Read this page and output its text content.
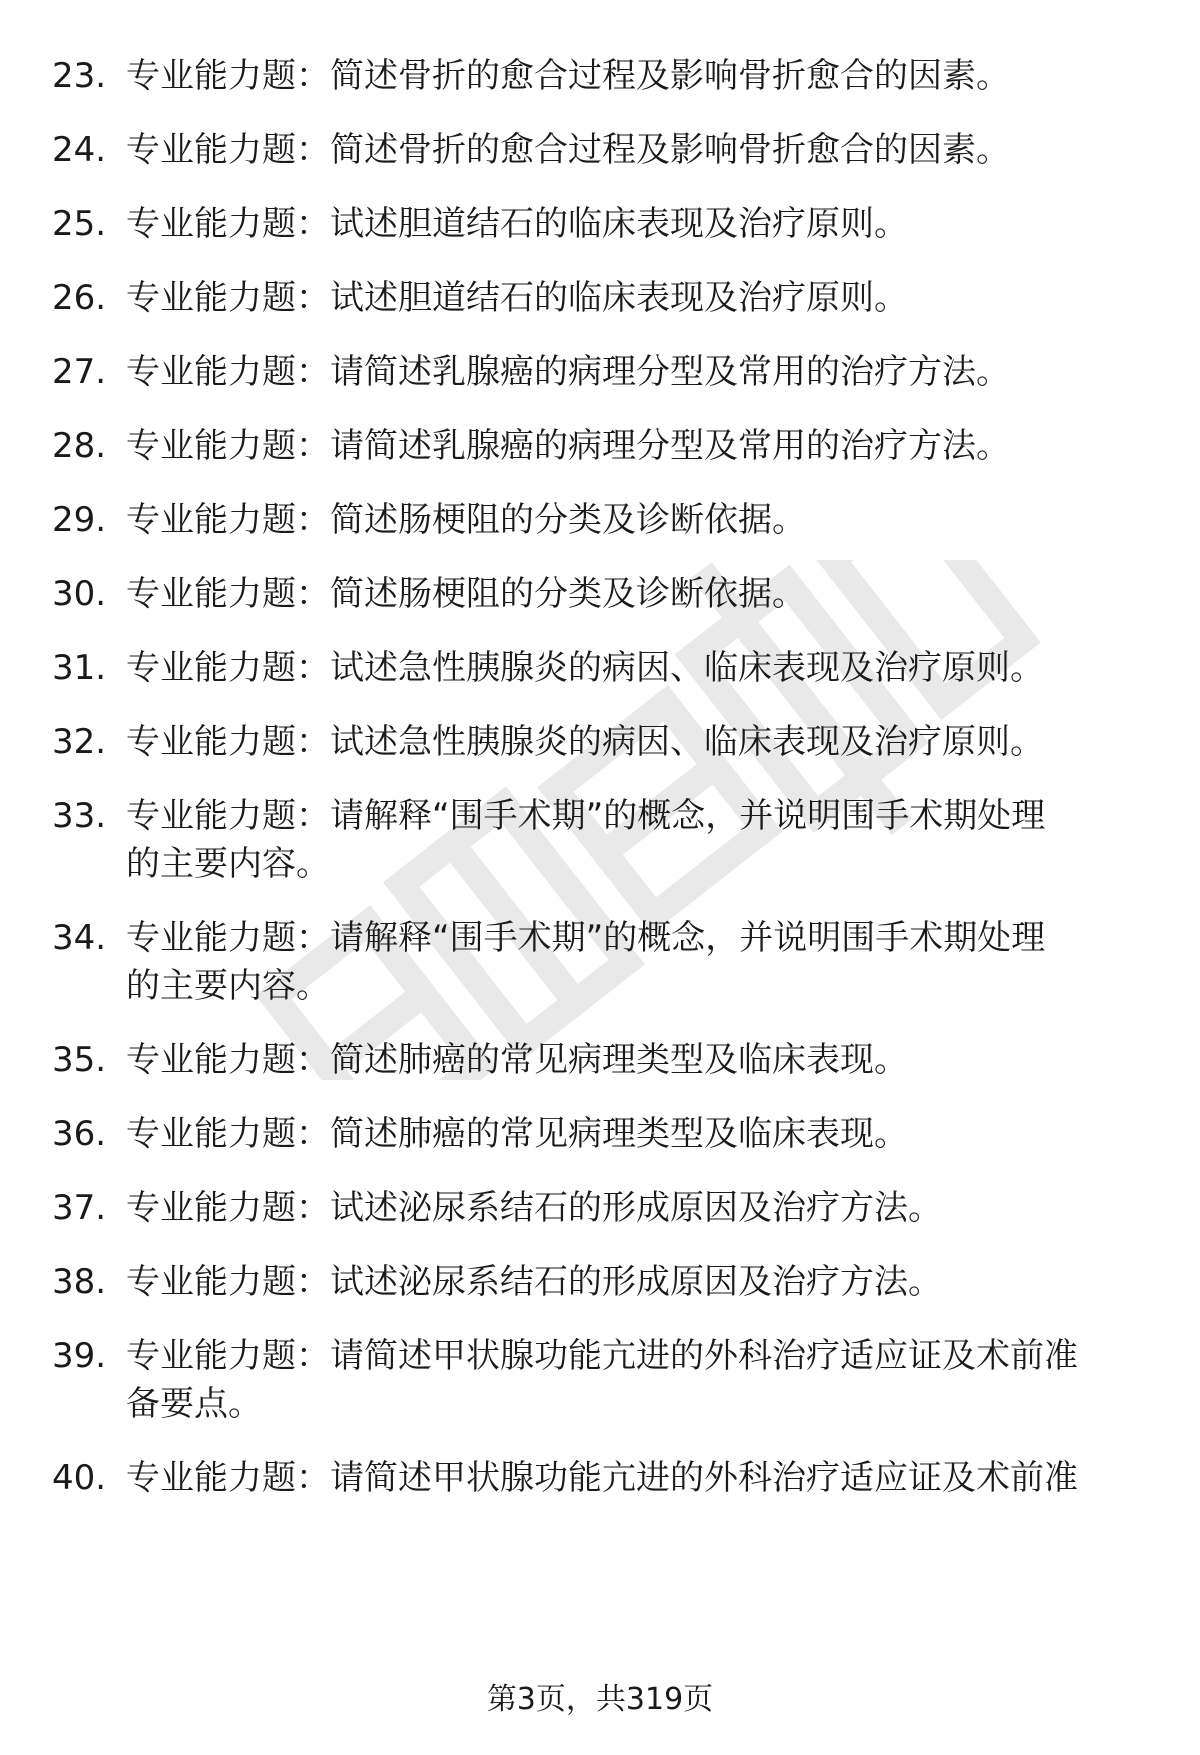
23. 专业能力题：简述骨折的愈合过程及影响骨折愈合的因素。
24. 专业能力题：简述骨折的愈合过程及影响骨折愈合的因素。
25. 专业能力题：试述胆道结石的临床表现及治疗原则。
26. 专业能力题：试述胆道结石的临床表现及治疗原则。
27. 专业能力题：请简述乳腺癌的病理分型及常用的治疗方法。
28. 专业能力题：请简述乳腺癌的病理分型及常用的治疗方法。
29. 专业能力题：简述肠梗阻的分类及诊断依据。
30. 专业能力题：简述肠梗阻的分类及诊断依据。
31. 专业能力题：试述急性胰腺炎的病因、临床表现及治疗原则。
32. 专业能力题：试述急性胰腺炎的病因、临床表现及治疗原则。
33. 专业能力题：请解释“围手术期”的概念，并说明围手术期处理
的主要内容。
34. 专业能力题：请解释“围手术期”的概念，并说明围手术期处理
的主要内容。
35. 专业能力题：简述肺癌的常见病理类型及临床表现。
36. 专业能力题：简述肺癌的常见病理类型及临床表现。
37. 专业能力题：试述泌尿系结石的形成原因及治疗方法。
38. 专业能力题：试述泌尿系结石的形成原因及治疗方法。
39. 专业能力题：请简述甲状腺功能亢进的外科治疗适应证及术前准
备要点。
40. 专业能力题：请简述甲状腺功能亢进的外科治疗适应证及术前准
第3页，共319页
